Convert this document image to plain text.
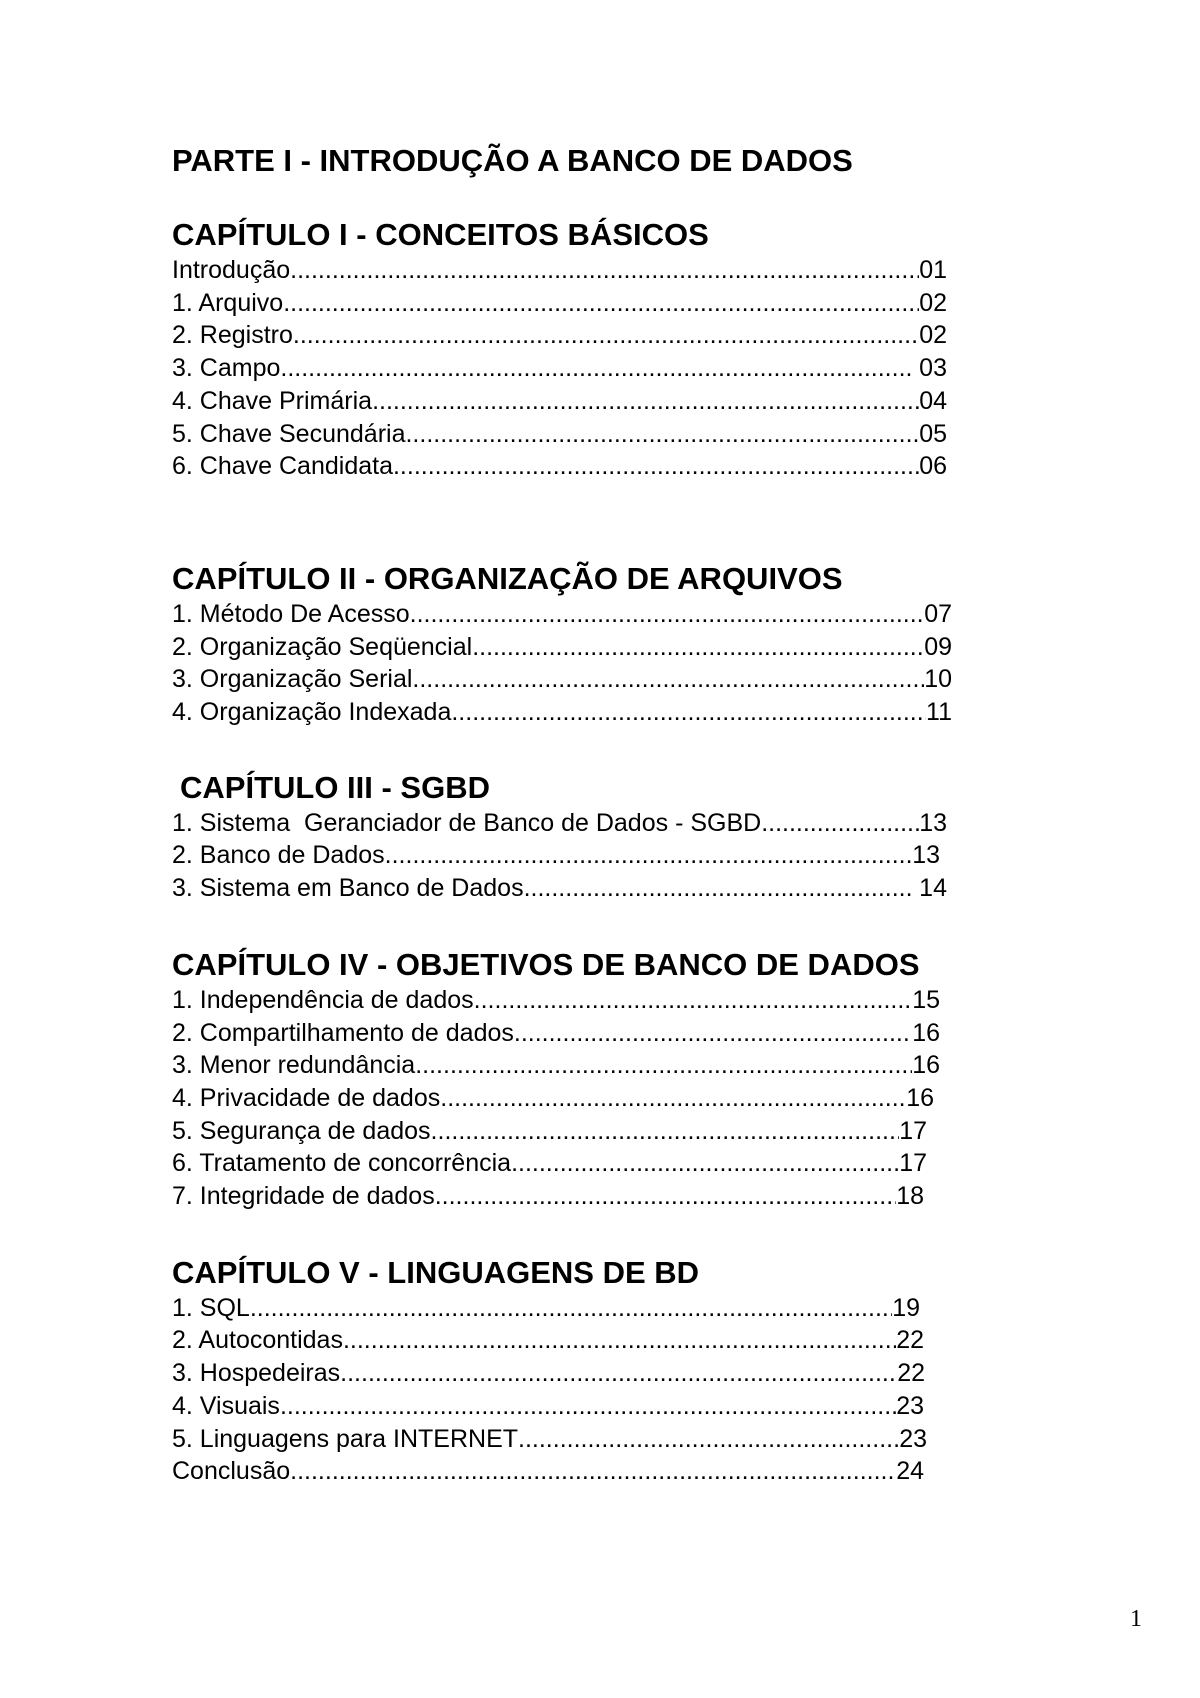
PARTE I - INTRODUÇÃO A BANCO DE DADOS
CAPÍTULO I - CONCEITOS BÁSICOS
Introdução .....	01
1. Arquivo .....	02
2. Registro .....	02
3. Campo .....	03
4. Chave Primária .....	04
5. Chave Secundária .....	05
6. Chave Candidata .....	06
CAPÍTULO II - ORGANIZAÇÃO DE ARQUIVOS
1. Método De Acesso .....	07
2. Organização Seqüencial .....	09
3. Organização Serial .....	10
4. Organização Indexada .....	11
CAPÍTULO III - SGBD
1. Sistema  Geranciador de Banco de Dados - SGBD .....	13
2. Banco de Dados .....	13
3. Sistema em Banco de Dados .....	14
CAPÍTULO IV - OBJETIVOS DE BANCO DE DADOS
1. Independência de dados .....	15
2. Compartilhamento de dados .....	16
3. Menor redundância .....	16
4. Privacidade de dados .....	16
5. Segurança de dados .....	17
6. Tratamento de concorrência .....	17
7. Integridade de dados .....	18
CAPÍTULO V - LINGUAGENS DE BD
1. SQL .....	19
2. Autocontidas .....	22
3. Hospedeiras .....	22
4. Visuais .....	23
5. Linguagens para INTERNET .....	23
Conclusão .....	24
1
